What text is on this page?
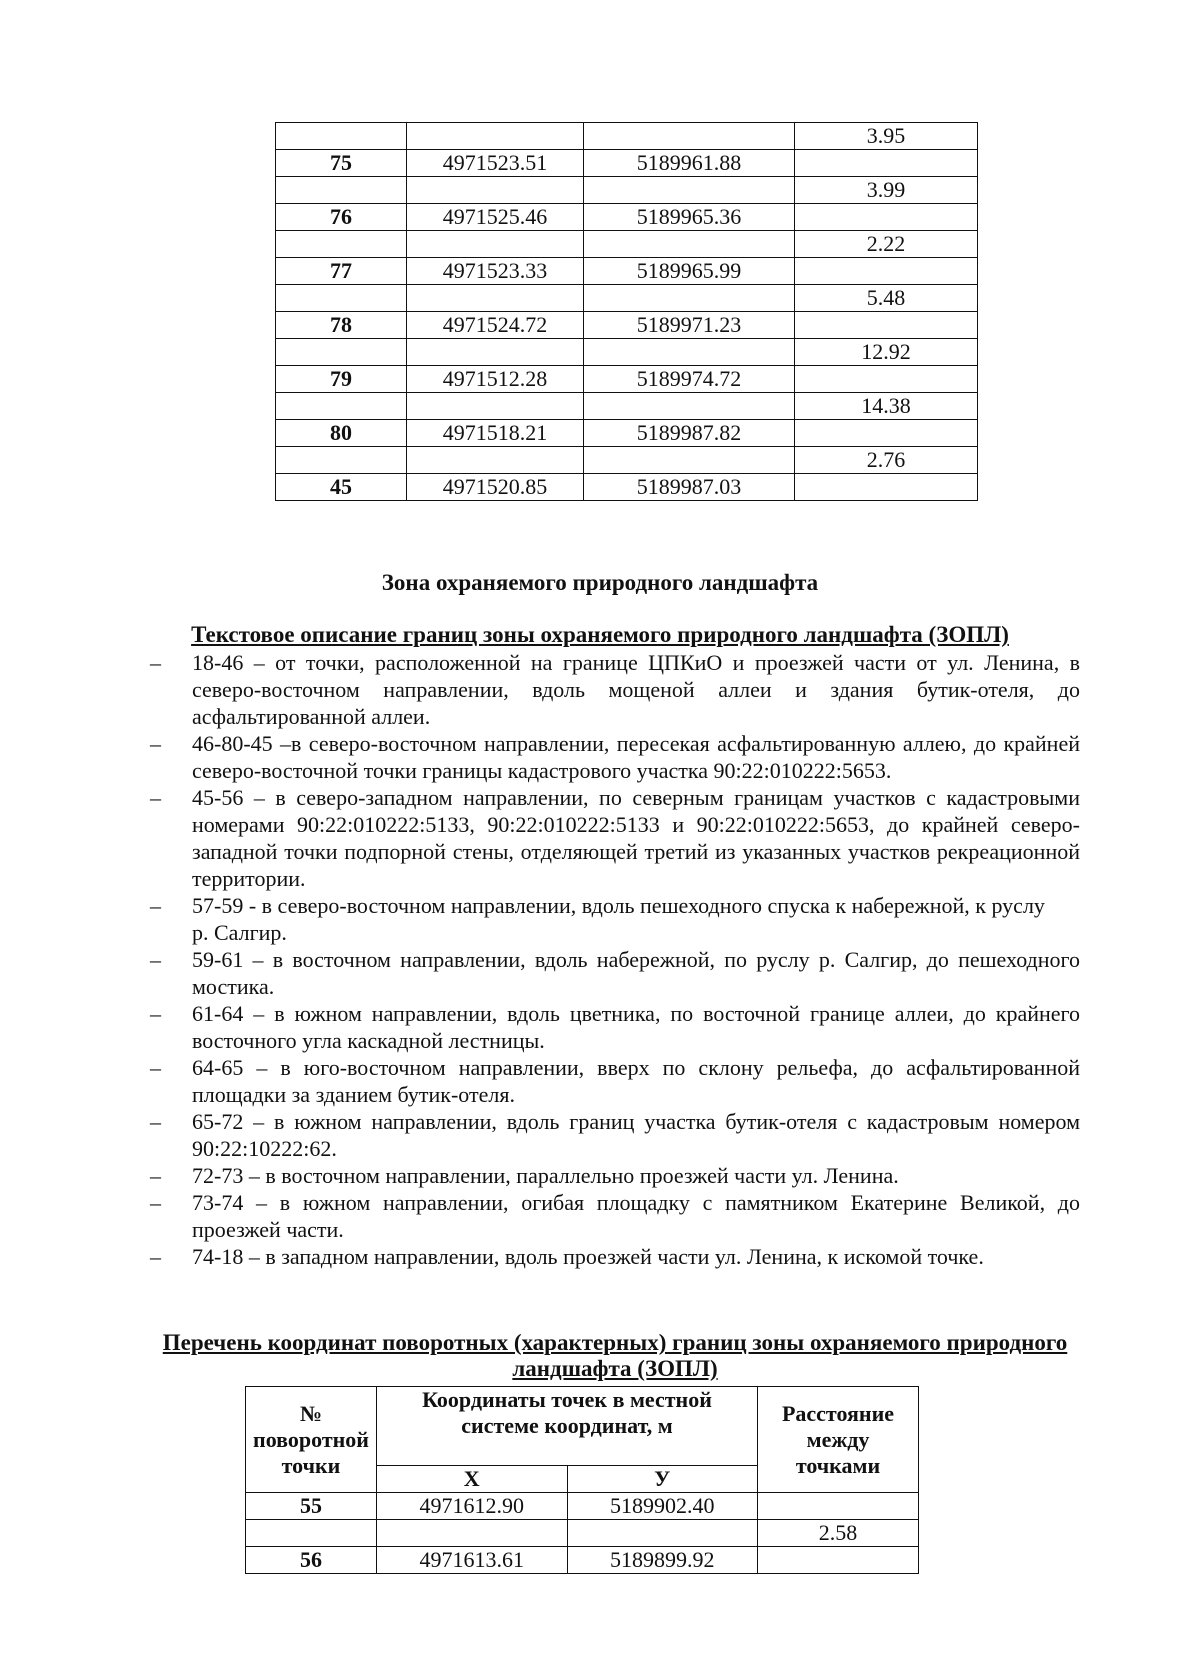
			3.95
75	4971523.51	5189961.88	
			3.99
76	4971525.46	5189965.36	
			2.22
77	4971523.33	5189965.99	
			5.48
78	4971524.72	5189971.23	
			12.92
79	4971512.28	5189974.72	
			14.38
80	4971518.21	5189987.82	
			2.76
45	4971520.85	5189987.03	
Зона охраняемого природного ландшафта
Текстовое описание границ зоны охраняемого природного ландшафта (ЗОПЛ)
– 18-46 – от точки, расположенной на границе ЦПКиО и проезжей части от ул. Ленина, в северо-восточном направлении, вдоль мощеной аллеи и здания бутик-отеля, до асфальтированной аллеи.

– 46-80-45 –в северо-восточном направлении, пересекая асфальтированную аллею, до крайней северо-восточной точки границы кадастрового участка 90:22:010222:5653.

– 45-56 – в северо-западном направлении, по северным границам участков с кадастровыми номерами 90:22:010222:5133, 90:22:010222:5133 и 90:22:010222:5653, до крайней северо-западной точки подпорной стены, отделяющей третий из указанных участков рекреационной территории.

– 57-59 - в северо-восточном направлении, вдоль пешеходного спуска к набережной, к руслу

р. Салгир.

– 59-61 – в восточном направлении, вдоль набережной, по руслу р. Салгир, до пешеходного мостика.

– 61-64 – в южном направлении, вдоль цветника, по восточной границе аллеи, до крайнего восточного угла каскадной лестницы.

– 64-65 – в юго-восточном направлении, вверх по склону рельефа, до асфальтированной площадки за зданием бутик-отеля.

– 65-72 – в южном направлении, вдоль границ участка бутик-отеля с кадастровым номером 90:22:10222:62.

– 72-73 – в восточном направлении, параллельно проезжей части ул. Ленина.

– 73-74 – в южном направлении, огибая площадку с памятником Екатерине Великой, до проезжей части.

– 74-18 – в западном направлении, вдоль проезжей части ул. Ленина, к искомой точке.

Перечень координат поворотных (характерных) границ зоны охраняемого природного ландшафта (ЗОПЛ)
№ поворотной точки	Координаты точек в местной системе координат, м		Расстояние между точками
	X	У	
55	4971612.90	5189902.40	
			2.58
56	4971613.61	5189899.92	
